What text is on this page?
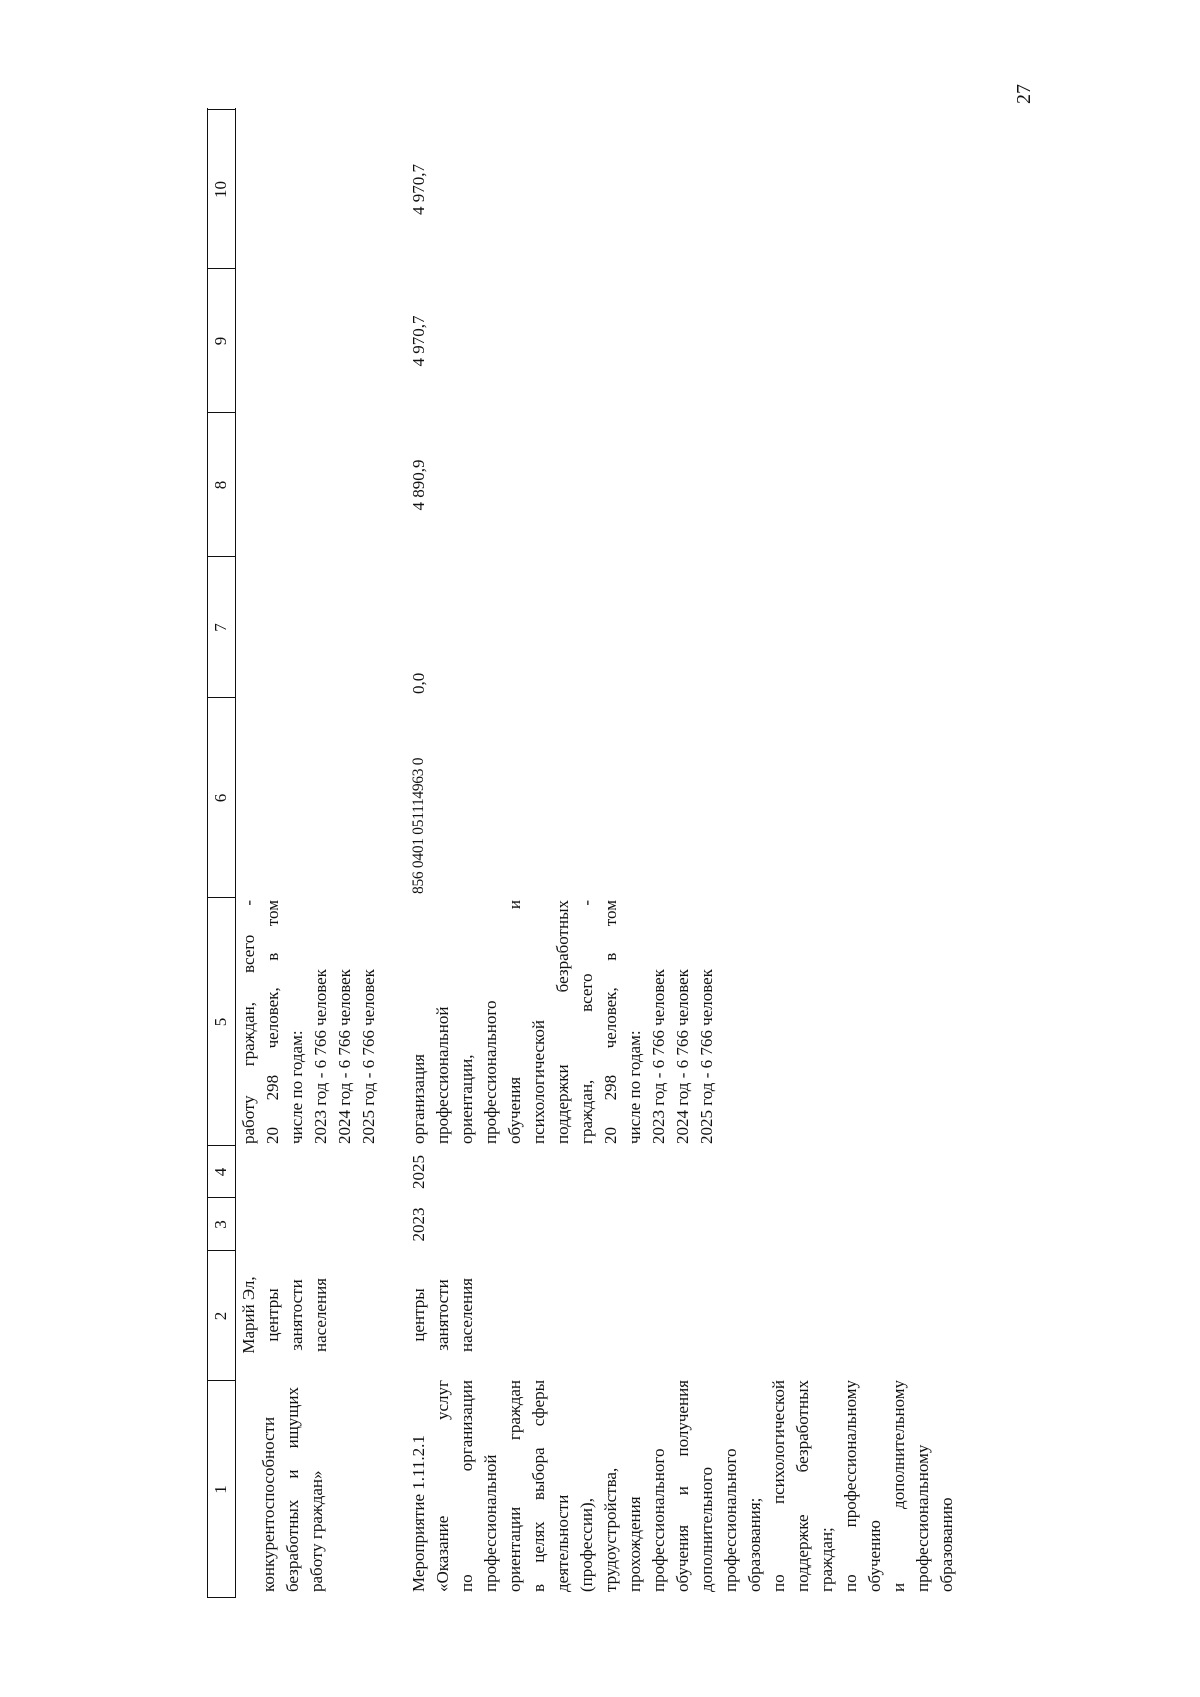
27
1
2
3
4
5
6
7
8
9
10
конкурентоспособности безработных и ищущих работу граждан»
Марий Эл, центры занятости населения
работу граждан, всего - 20 298 человек, в том числе по годам: 2023 год - 6 766 человек 2024 год - 6 766 человек 2025 год - 6 766 человек
Мероприятие 1.11.2.1 «Оказание услуг по организации профессиональной ориентации граждан в целях выбора сферы деятельности (профессии), трудоустройства, прохождения профессионального обучения и получения дополнительного профессионального образования; по психологической поддержке безработных граждан; по профессиональному обучению и дополнительному профессиональному образованию
центры занятости населения
2023
2025
организация профессиональной ориентации, профессионального обучения и психологической поддержки безработных граждан, всего - 20 298 человек, в том числе по годам: 2023 год - 6 766 человек 2024 год - 6 766 человек 2025 год - 6 766 человек
856 0401 051114963 0
0,0
4 890,9
4 970,7
4 970,7
